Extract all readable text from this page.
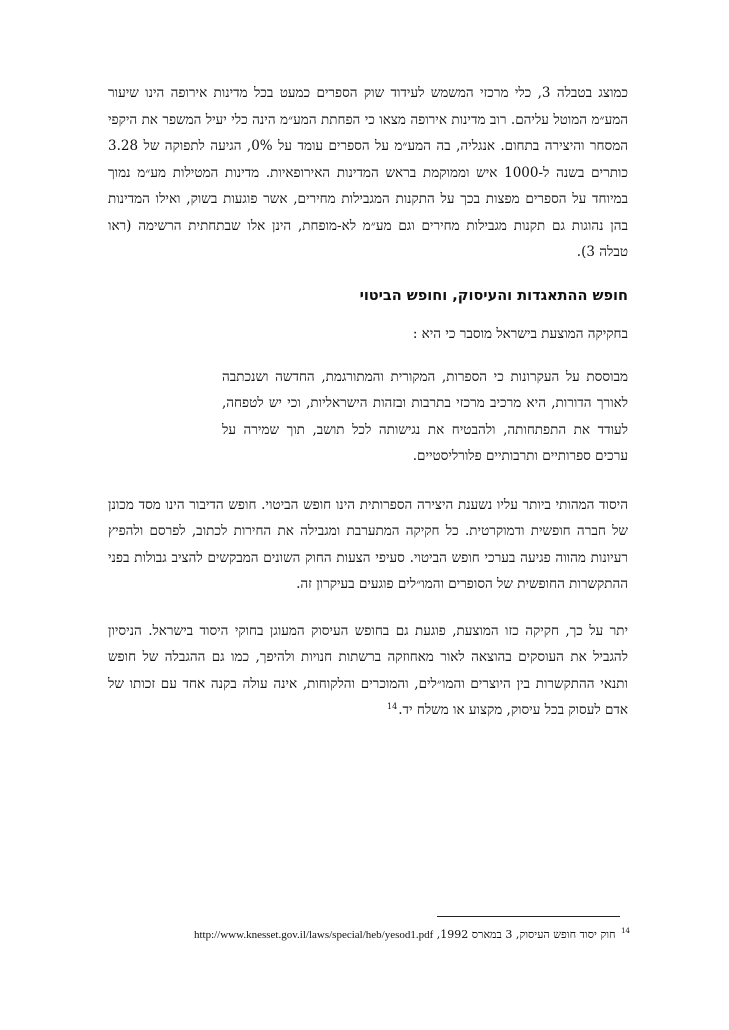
כמוצג בטבלה 3, כלי מרכזי המשמש לעידוד שוק הספרים כמעט בכל מדינות אירופה הינו שיעור המע״מ המוטל עליהם. רוב מדינות אירופה מצאו כי הפחתת המע״מ הינה כלי יעיל המשפר את היקפי המסחר והיצירה בתחום. אנגליה, בה המע״מ על הספרים עומד על 0%, הגיעה לתפוקה של 3.28 כותרים בשנה ל-1000 איש וממוקמת בראש המדינות האירופאיות. מדינות המטילות מע״מ נמוך במיוחד על הספרים מפצות בכך על התקנות המגבילות מחירים, אשר פוגעות בשוק, ואילו המדינות בהן נהוגות גם תקנות מגבילות מחירים וגם מע״מ לא-מופחת, הינן אלו שבתחתית הרשימה (ראו טבלה 3).

חופש ההתאגדות והעיסוק, וחופש הביטוי

בחקיקה המוצעת בישראל מוסבר כי היא :

מבוססת על העקרונות כי הספרות, המקורית והמתורגמת, החדשה ושנכתבה לאורך הדורות, היא מרכיב מרכזי בתרבות ובזהות הישראליות, וכי יש לטפחה, לעודד את התפתחותה, ולהבטיח את נגישותה לכל תושב, תוך שמירה על ערכים ספרותיים ותרבותיים פלורליסטיים.

היסוד המהותי ביותר עליו נשענת היצירה הספרותית הינו חופש הביטוי. חופש הדיבור הינו מסד מכונן של חברה חופשית ודמוקרטית. כל חקיקה המתערבת ומגבילה את החירות לכתוב, לפרסם ולהפיץ רעיונות מהווה פגיעה בערכי חופש הביטוי. סעיפי הצעות החוק השונים המבקשים להציב גבולות בפני ההתקשרות החופשית של הסופרים והמו״לים פוגעים בעיקרון זה.

יתר על כך, חקיקה כזו המוצעת, פוגעת גם בחופש העיסוק המעוגן בחוקי היסוד בישראל. הניסיון להגביל את העוסקים בהוצאה לאור מאחוזקה ברשתות חנויות ולהיפך, כמו גם ההגבלה של חופש ותנאי ההתקשרות בין היוצרים והמו״לים, והמוכרים והלקוחות, אינה עולה בקנה אחד עם זכותו של אדם לעסוק בכל עיסוק, מקצוע או משלח יד.$^{14}$

$^{14}$ חוק יסוד חופש העיסוק, 3 במארס 1992, http://www.knesset.gov.il/laws/special/heb/yesod1.pdf
